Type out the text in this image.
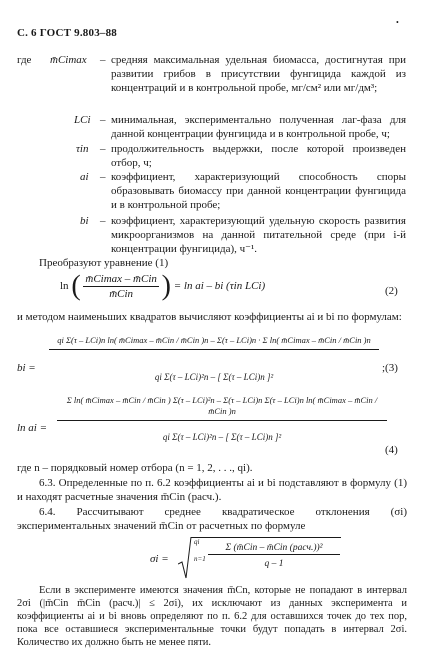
С. 6 ГОСТ 9.803–88
•
где m̄Cimax – средняя максимальная удельная биомасса, достигнутая при развитии грибов в присутствии фунгицида каждой из концентраций и в контрольной пробе, мг/см² или мг/дм³;
LCi – минимальная, экспериментально полученная лаг-фаза для данной концентрации фунгицида и в контрольной пробе, ч;
τin – продолжительность выдержки, после которой произведен отбор, ч;
ai – коэффициент, характеризующий способность споры образовывать биомассу при данной концентрации фунгицида и в контрольной пробе;
bi – коэффициент, характеризующий удельную скорость развития микроорганизмов на данной питательной среде (при i-й концентрации фунгицида), ч⁻¹.
Преобразуют уравнение (1)
ln ( $\frac{\text{m̄Cimax – m̄Cin}}{\text{m̄Cin}}$ ) = ln ai – bi (τin LCi)	(2)
и методом наименьших квадратов вычисляют коэффициенты ai и bi по формулам:
bi =
qi Σ(τ – LCi)n ln( m̄Cimax – m̄Cin / m̄Cin )n – Σ(τ – LCi)n · Σ ln( m̄Cimax – m̄Cin / m̄Cin )n
qi Σ(τ – LCi)²n – [ Σ(τ – LCi)n ]²
;(3)
ln ai =
Σ ln( m̄Cimax – m̄Cin / m̄Cin ) Σ(τ – LCi)²n – Σ(τ – LCi)n Σ(τ – LCi)n ln( m̄Cimax – m̄Cin / m̄Cin )n
qi Σ(τ – LCi)²n – [ Σ(τ – LCi)n ]²
(4)
где n – порядковый номер отбора (n = 1, 2, . . ., qi).
6.3. Определенные по п. 6.2 коэффициенты ai и bi подставляют в формулу (1) и находят расчетные значения m̄Cin (расч.).
6.4. Рассчитывают среднее квадратическое отклонения (σi) экспериментальных значений m̄Cin от расчетных по формуле
σi =
qi
n=1
Σ (m̄Cin – m̄Cin (расч.))²
q – 1
Если в эксперименте имеются значения m̄Cn, которые не попадают в интервал 2σi (|m̄Cin m̄Cin (расч.)| ≤ 2σi), их исключают из данных эксперимента и коэффициенты ai и bi вновь определяют по п. 6.2 для оставшихся точек до тех пор, пока все оставшиеся экспериментальные точки будут попадать в интервал 2σi. Количество их должно быть не менее пяти.
